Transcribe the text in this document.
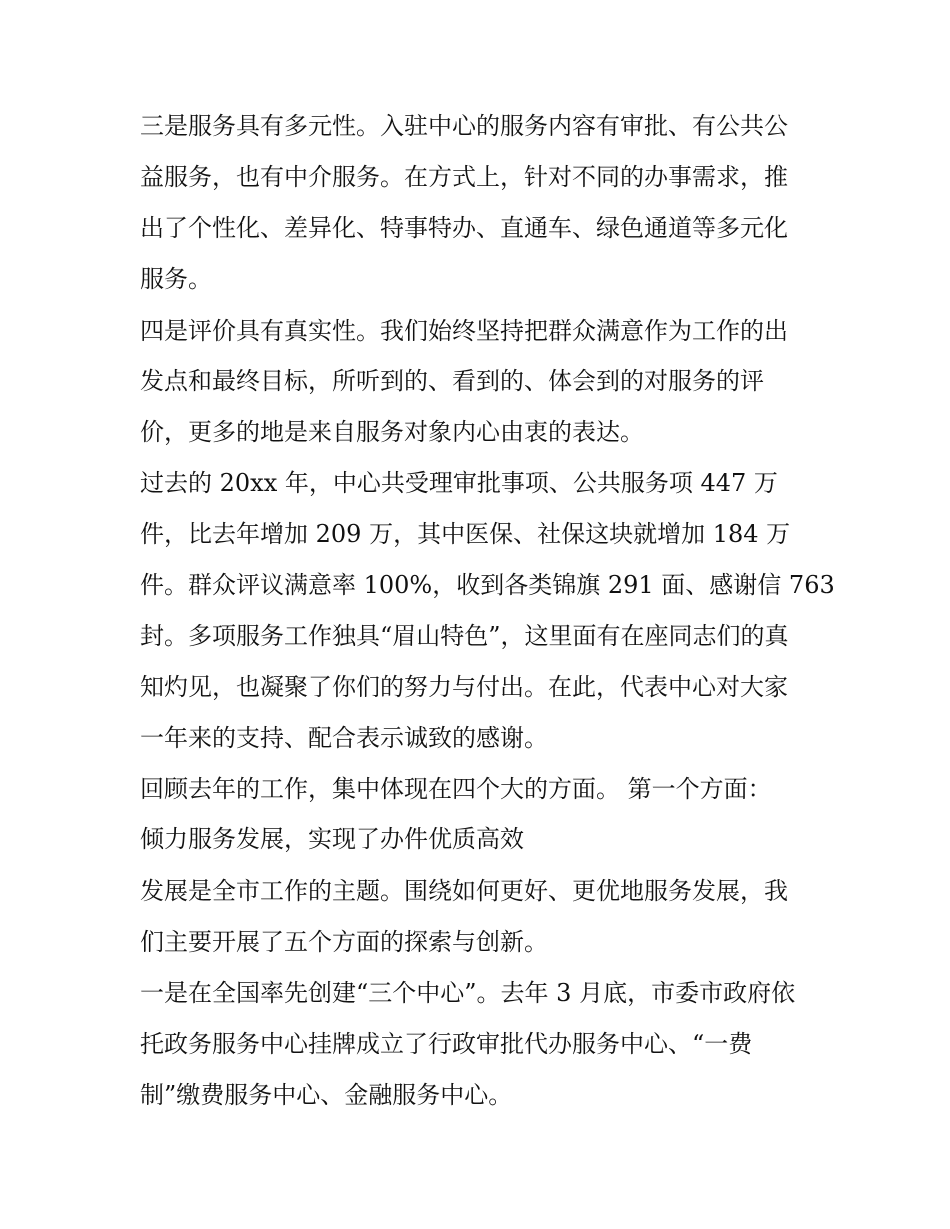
三是服务具有多元性。入驻中心的服务内容有审批、有公共公
益服务，也有中介服务。在方式上，针对不同的办事需求，推
出了个性化、差异化、特事特办、直通车、绿色通道等多元化
服务。
四是评价具有真实性。我们始终坚持把群众满意作为工作的出
发点和最终目标，所听到的、看到的、体会到的对服务的评
价，更多的地是来自服务对象内心由衷的表达。
过去的 20xx 年，中心共受理审批事项、公共服务项 447 万
件，比去年增加 209 万，其中医保、社保这块就增加 184 万
件。群众评议满意率 100%，收到各类锦旗 291 面、感谢信 763
封。多项服务工作独具“眉山特色”，这里面有在座同志们的真
知灼见，也凝聚了你们的努力与付出。在此，代表中心对大家
一年来的支持、配合表示诚致的感谢。
回顾去年的工作，集中体现在四个大的方面。 第一个方面：
倾力服务发展，实现了办件优质高效
发展是全市工作的主题。围绕如何更好、更优地服务发展，我
们主要开展了五个方面的探索与创新。
一是在全国率先创建“三个中心”。去年 3 月底，市委市政府依
托政务服务中心挂牌成立了行政审批代办服务中心、“一费
制”缴费服务中心、金融服务中心。
